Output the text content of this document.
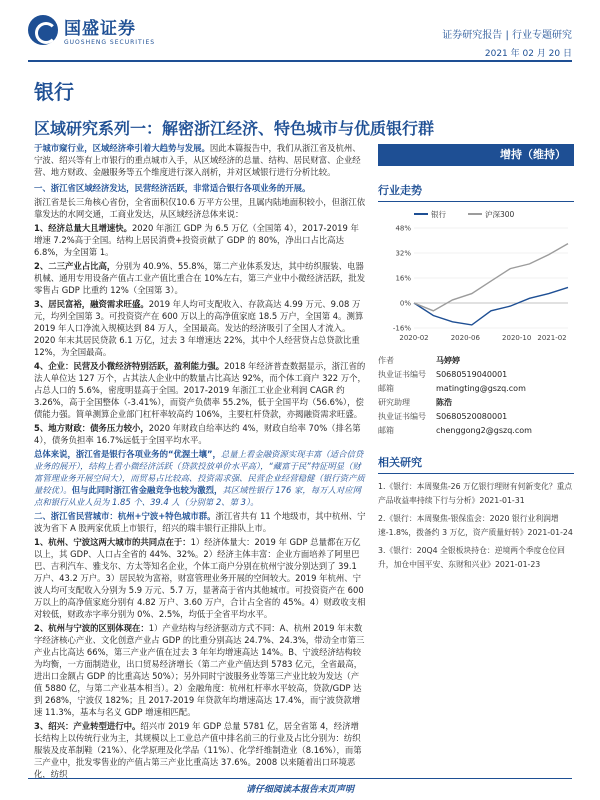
国盛证券
GUOSHENG SECURITIES
证券研究报告 | 行业专题研究
2021 年 02 月 20 日
银行
区域研究系列一：解密浙江经济、特色城市与优质银行群

于城市窥行业，区域经济牵引着大趋势与发展。因此本篇报告中，我们从浙江省及杭州、宁波、绍兴等有上市银行的重点城市入手，从区域经济的总量、结构、居民财富、企业经营、地方财政、金融服务等五个维度进行深入剖析，并对区域银行进行分析比较。

一、浙江省区域经济发达，民营经济活跃，非常适合银行各项业务的开展。

浙江省是长三角核心省份，全省面积仅10.6 万平方公里，且属内陆地面积较小，但浙江依靠发达的水网交通，工商业发达，从区域经济总体来说：

1、经济总量大且增速快。2020 年浙江 GDP 为 6.5 万亿（全国第 4），2017-2019 年增速 7.2%高于全国。结构上居民消费+投资贡献了 GDP 的 80%，净出口占比高达 6.8%，为全国第 1。

2、二三产业占比高，分别为 40.9%、55.8%，第二产业体系发达，其中纺织服装、电器机械、通用专用设备产值占工业产值比重合在 10%左右，第三产业中小微经济活跃，批发零售占 GDP 比重约 12%（全国第 3）。

3、居民富裕，融资需求旺盛。2019 年人均可支配收入、存款高达 4.99 万元、9.08 万元，均列全国第 3。可投资资产在 600 万以上的高净值家庭 18.5 万户，全国第 4。测算 2019 年人口净流入规模达到 84 万人，全国最高。发达的经济吸引了全国人才流入。2020 年末其居民贷款 6.1 万亿，过去 3 年增速达 22%，其中个人经营贷占总贷款比重 12%，为全国最高。

4、企业：民营及小微经济特别活跃，盈利能力强。2018 年经济普查数据显示，浙江省的法人单位达 127 万个，占其法人企业中的数量占比高达 92%，而个体工商户 322 万个，占总人口的 5.6%，密度明显高于全国。2017-2019 年浙江工业企业利润 CAGR 约 3.26%，高于全国整体（-3.41%），而资产负债率 55.2%，低于全国平均（56.6%），偿债能力强。简单测算企业部门杠杆率较高约 106%，主要杠杆贷款，亦揭融资需求旺盛。

5、地方财政：债务压力较小，2020 年财政自给率达约 4%，财政自给率 70%（排名第 4），债务负担率 16.7%远低于全国平均水平。

总体来说，浙江省是银行各项业务的“优渥土壤”，总量上看金融资源实现丰富（适合信贷业务的展开），结构上看小微经济活跃（贷款投放单价水平高），“藏富于民”特征明显（财富管理业务开展空间大），而贸易占比较高、投资需求强、民营企业经营稳健（银行资产质量较优）。但与此同时浙江省金融竞争也较为激烈，其区域性银行 176 家，每万人对应网点和银行从业人员为 1.85 个、39.4 人（分别第 2、第 3）。

二、浙江省民营城市：杭州+宁波+特色城市群。浙江省共有 11 个地级市，其中杭州、宁波为省下 A 股两家优质上市银行，绍兴的瑞丰银行正排队上市。

1、杭州、宁波这两大城市的共同点在于：1）经济体量大：2019 年 GDP 总量都在万亿以上，其 GDP、人口占全省的 44%、32%。2）经济主体丰富：企业方面培养了阿里巴巴、吉利汽车、雅戈尔、方太等知名企业，个体工商户分别在杭州宁波分别达到了 39.1 万户、43.2 万户。3）居民较为富裕，财富管理业务开展的空间较大。2019 年杭州、宁波人均可支配收入分别为 5.9 万元、5.7 万，显著高于省内其他城市。可投资资产在 600 万以上的高净值家庭分别有 4.82 万户、3.60 万户，合计占全省的 45%。4）财政收支相对较低，财政赤字率分别为 0%、2.5%，均低于全省平均水平。

2、杭州与宁波的区别体现在：1）产业结构与经济驱动方式不同：A、杭州 2019 年末数字经济核心产业、文化创意产业占 GDP 的比重分别高达 24.7%、24.3%，带动全市第三产业占比高达 66%，第三产业产值在过去 3 年年均增速高达 14%。B、宁波经济结构较为均衡，一方面制造业，出口贸易经济增长（第二产业产值达到 5783 亿元，全省最高，进出口金额占 GDP 的比重高达 50%）；另外同时宁波服务业等第三产业比较为发达（产值 5880 亿，与第二产业基本相当）。2）金融角度：杭州杠杆率水平较高，贷款/GDP 达到 268%，宁波仅 182%；且 2017-2019 年贷款年均增速高达 17.4%，而宁波贷款增速 11.3%，基本与名义 GDP 增速相匹配。

3、绍兴：产业转型进行中。绍兴市 2019 年 GDP 总量 5781 亿，居全省第 4，经济增长结构上以传统行业为主，其规模以上工业总产值中排名前三的行业及占比分别为：纺织服装及皮革制鞋（21%）、化学原理及化学品（11%）、化学纤维制造业（8.16%），而第三产业中，批发零售业的产值占第三产业比重高达 37.6%。2008 以来随着出口环境恶化，纺织

增持（维持）
行业走势
银行	沪深300
48%
32%
16%
0%
-16%
2020-02	2020-06	2020-10 2021-02
作者	马婷婷
执业证书编号	S0680519040001
邮箱	matingting@gszq.com
研究助理	陈浩
执业证书编号	S0680520080001
邮箱	chenggong2@gszq.com
相关研究
1.《银行：本周聚焦-26 万亿银行理财有何新变化？重点产品收益率持续下行与分析》2021-01-31
2.《银行：本周聚焦-银保监会：2020 银行业利润增速-1.8%，拨备约 3 万亿，资产质量好转》2021-01-24
3.《银行：20Q4 全银板块持仓：逆境两个季度仓位回升，加仓中国平安、东财和兴业》2021-01-23
请仔细阅读本报告末页声明
